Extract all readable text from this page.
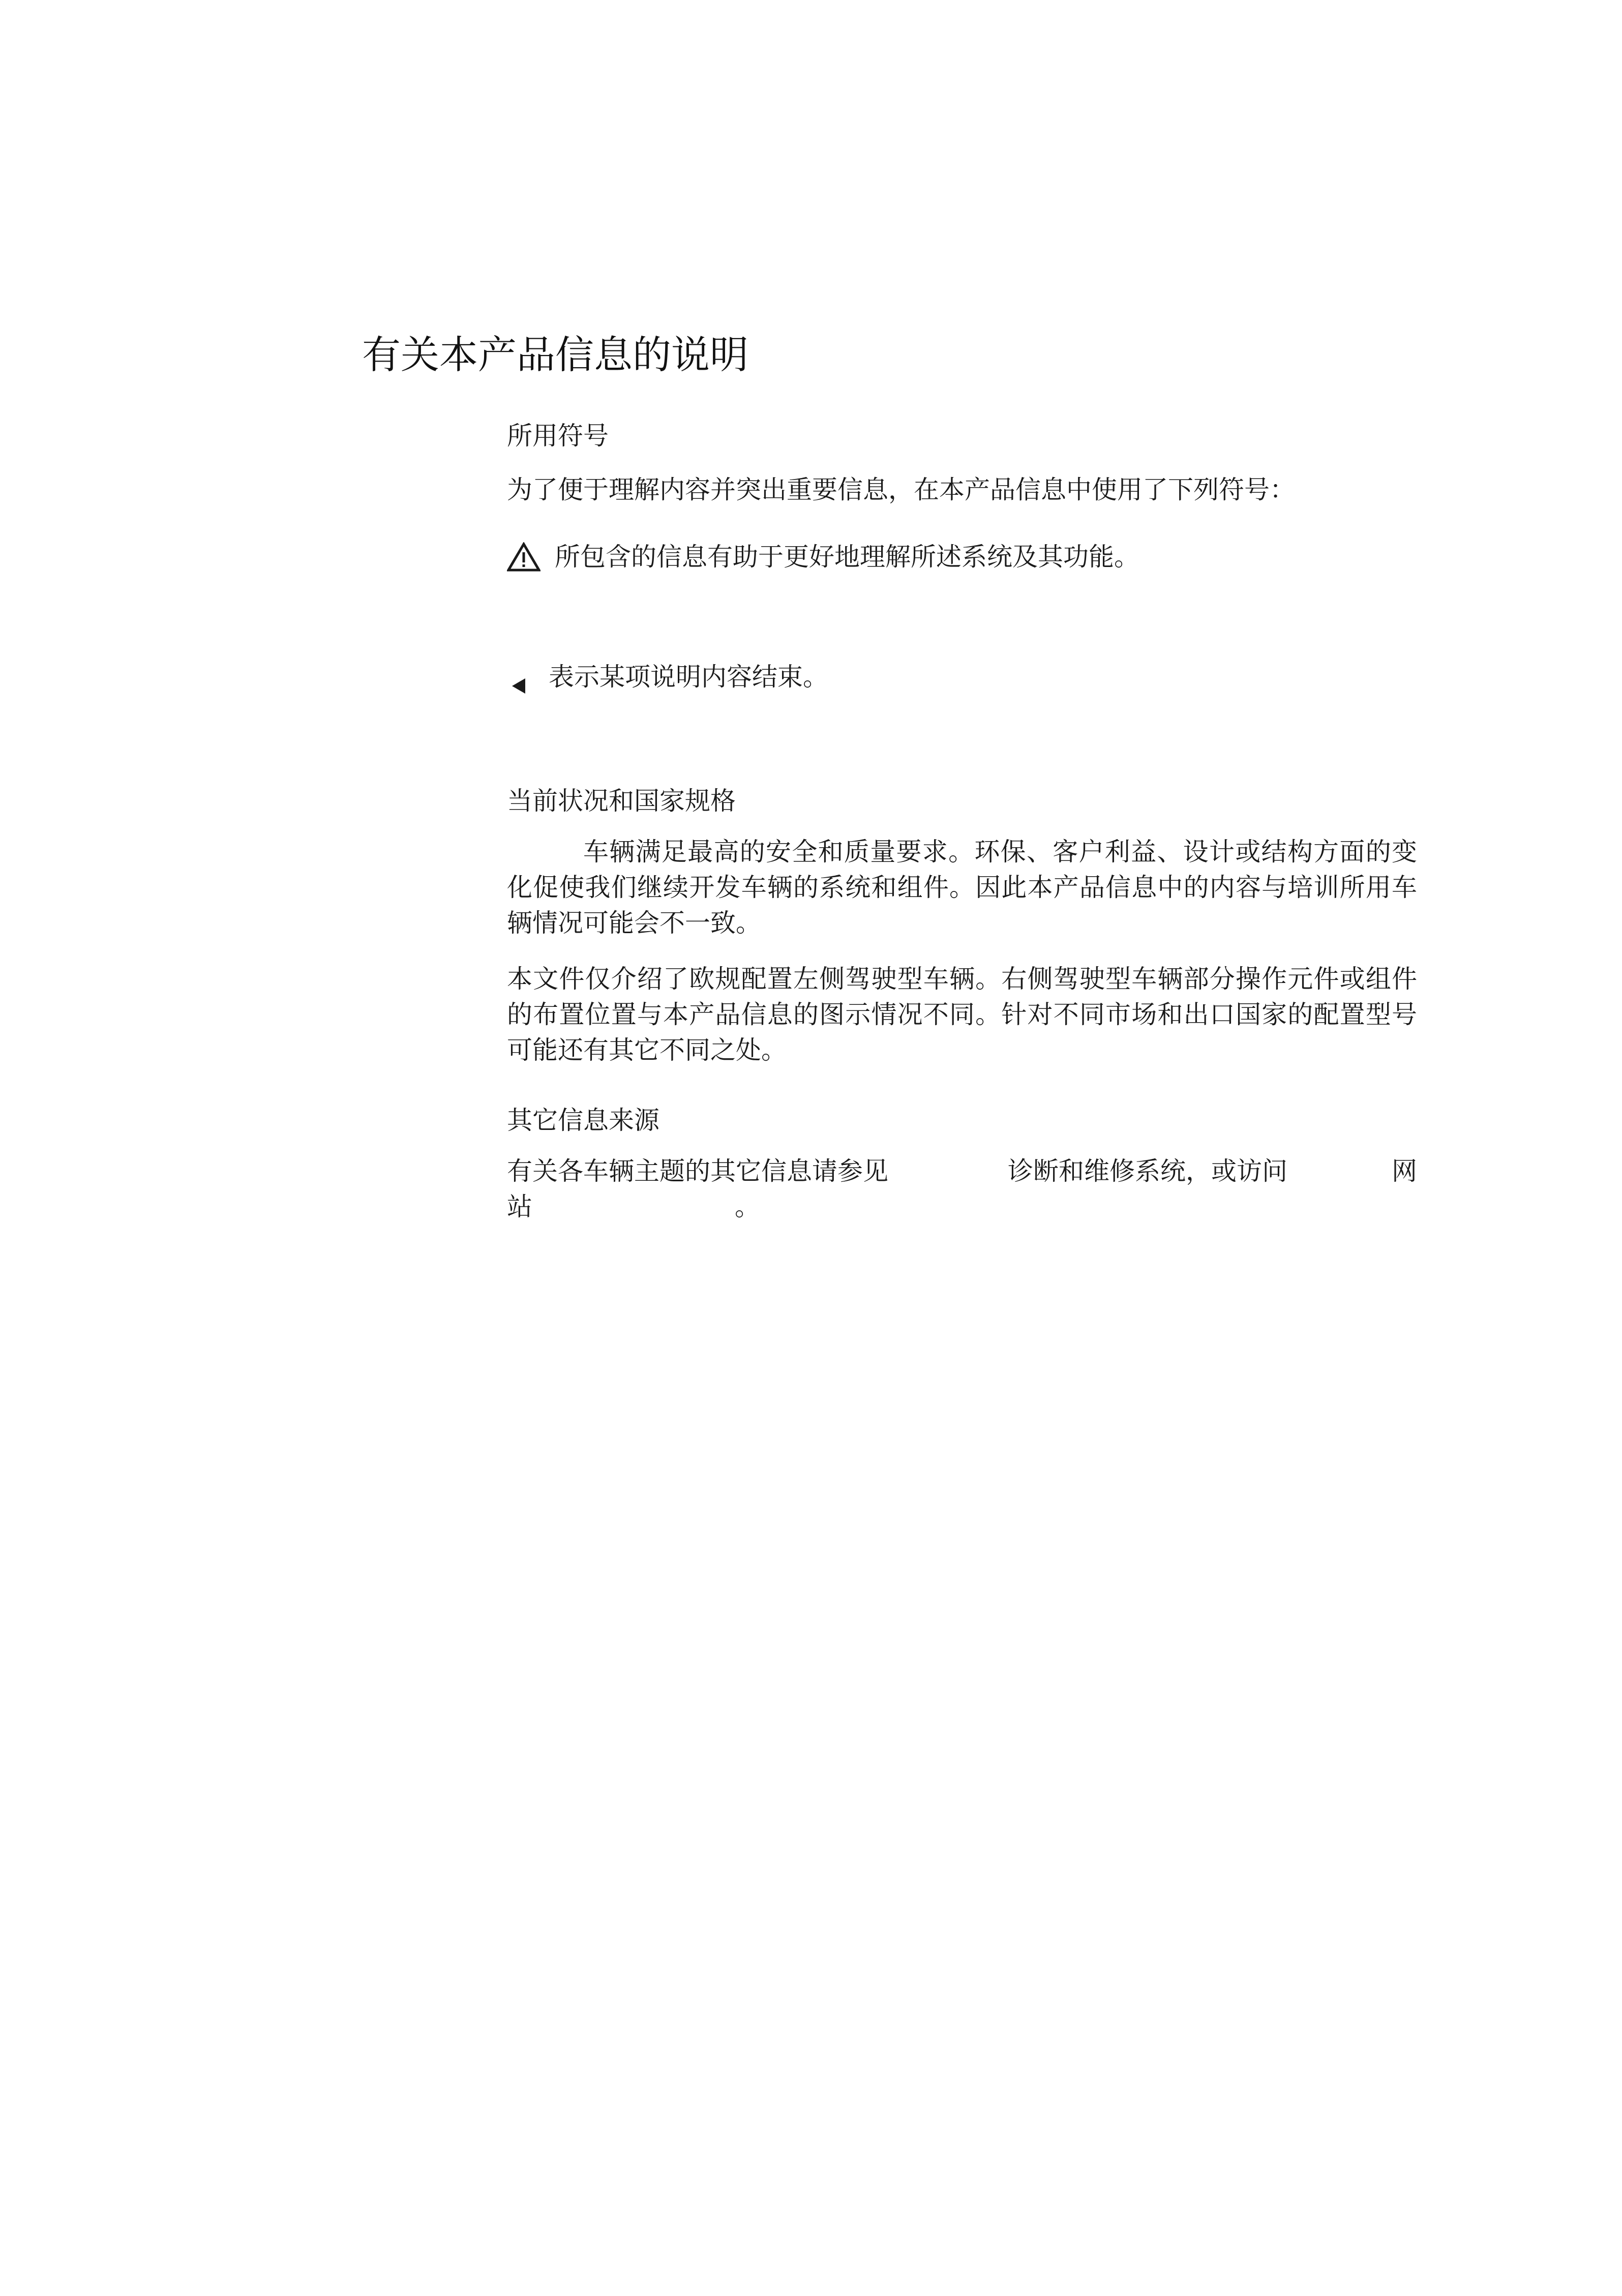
有关本产品信息的说明
所用符号
为了便于理解内容并突出重要信息，在本产品信息中使用了下列符号：
所包含的信息有助于更好地理解所述系统及其功能。
表示某项说明内容结束。
当前状况和国家规格
车辆满足最高的安全和质量要求。环保、客户利益、设计或结构方面的变化促使我们继续开发车辆的系统和组件。因此本产品信息中的内容与培训所用车辆情况可能会不一致。
本文件仅介绍了欧规配置左侧驾驶型车辆。右侧驾驶型车辆部分操作元件或组件的布置位置与本产品信息的图示情况不同。针对不同市场和出口国家的配置型号可能还有其它不同之处。
其它信息来源
有关各车辆主题的其它信息请参见	诊断和维修系统，或访问	网
站	。
